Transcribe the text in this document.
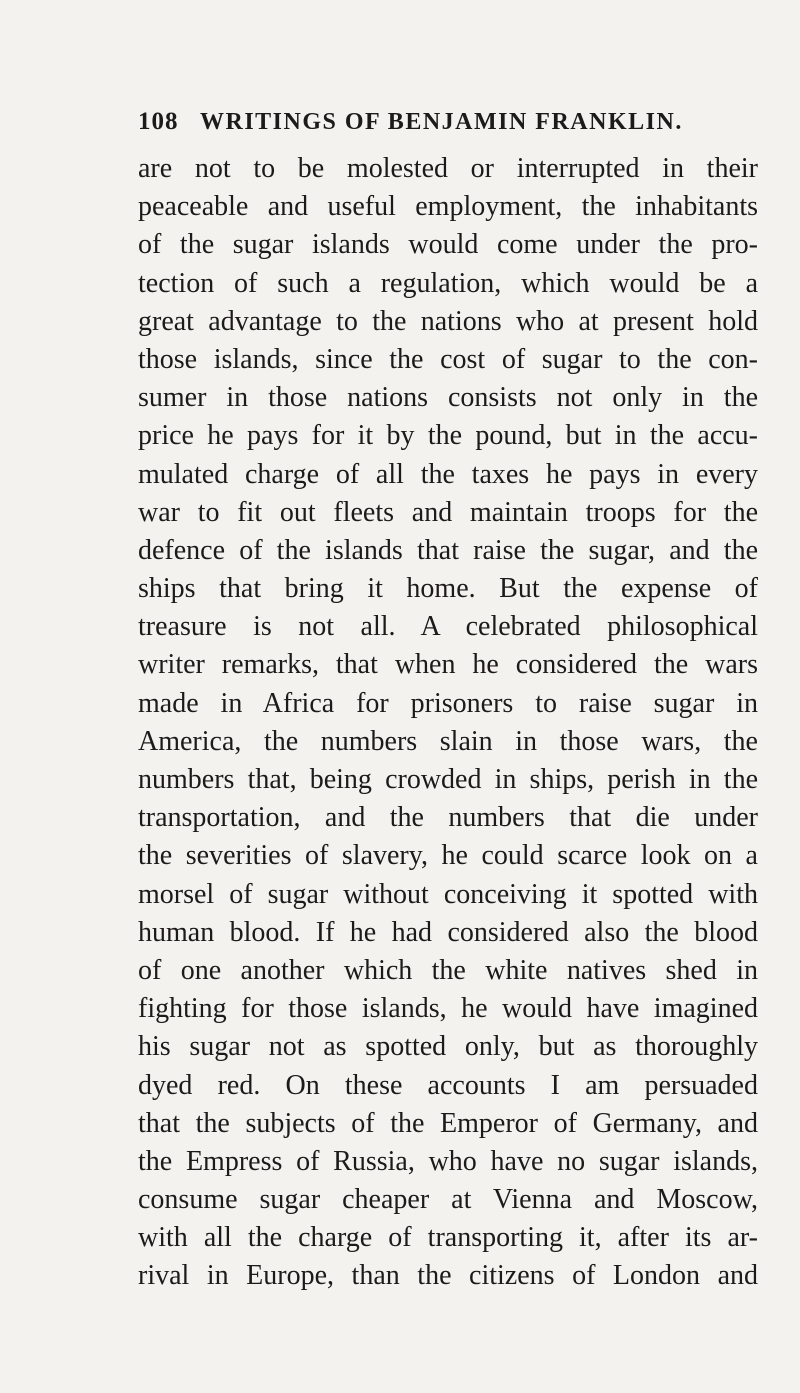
108 WRITINGS OF BENJAMIN FRANKLIN.
are not to be molested or interrupted in their
peaceable and useful employment, the inhabitants
of the sugar islands would come under the pro-
tection of such a regulation, which would be a
great advantage to the nations who at present hold
those islands, since the cost of sugar to the con-
sumer in those nations consists not only in the
price he pays for it by the pound, but in the accu-
mulated charge of all the taxes he pays in every
war to fit out fleets and maintain troops for the
defence of the islands that raise the sugar, and the
ships that bring it home. But the expense of
treasure is not all. A celebrated philosophical
writer remarks, that when he considered the wars
made in Africa for prisoners to raise sugar in
America, the numbers slain in those wars, the
numbers that, being crowded in ships, perish in the
transportation, and the numbers that die under
the severities of slavery, he could scarce look on a
morsel of sugar without conceiving it spotted with
human blood. If he had considered also the blood
of one another which the white natives shed in
fighting for those islands, he would have imagined
his sugar not as spotted only, but as thoroughly
dyed red. On these accounts I am persuaded
that the subjects of the Emperor of Germany, and
the Empress of Russia, who have no sugar islands,
consume sugar cheaper at Vienna and Moscow,
with all the charge of transporting it, after its ar-
rival in Europe, than the citizens of London and
